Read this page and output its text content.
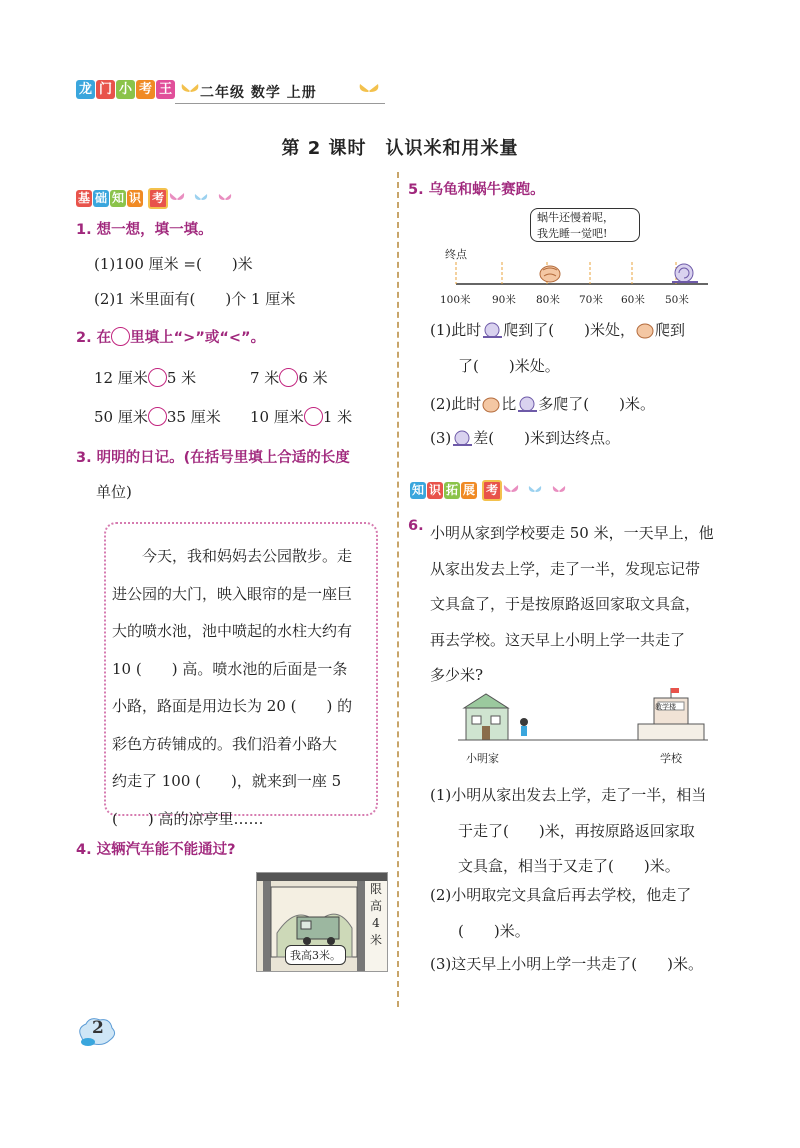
龙 门 小 考 王 二年级 数学 上册
第 2 课时　认识米和用米量
基 础 知 识 考
1. 想一想，填一填。
(1)100 厘米 =(　　)米
(2)1 米里面有(　　)个 1 厘米
2. 在 里填上“>”或“<”。
12 厘米 5 米	7 米 6 米
50 厘米 35 厘米 10 厘米 1 米
3. 明明的日记。(在括号里填上合适的长度
单位)

　　今天，我和妈妈去公园散步。走

进公园的大门，映入眼帘的是一座巨

大的喷水池，池中喷起的水柱大约有

10 (　　) 高。喷水池的后面是一条

小路，路面是用边长为 20 (　　) 的

彩色方砖铺成的。我们沿着小路大

约走了 100 (　　)，就来到一座 5

(　　) 高的凉亭里……

4. 这辆汽车能不能通过?
限
高
4
米
我高3米。
5. 乌龟和蜗牛赛跑。
蜗牛还慢着呢，
我先睡一觉吧!
终点
100米 90米 80米 70米 60米 50米
(1)此时 爬到了(　　)米处， 爬到
了(　　)米处。
(2)此时 比 多爬了(　　)米。
(3) 差(　　)米到达终点。
知 识 拓 展 考
6. 小明从家到学校要走 50 米，一天早上，他
从家出发去上学，走了一半，发现忘记带
文具盒了，于是按原路返回家取文具盒，
再去学校。这天早上小明上学一共走了
多少米?
教学楼
小明家	学校
(1)小明从家出发去上学，走了一半，相当
于走了(　　)米，再按原路返回家取
文具盒，相当于又走了(　　)米。
(2)小明取完文具盒后再去学校，他走了
(　　)米。
(3)这天早上小明上学一共走了(　　)米。
2
